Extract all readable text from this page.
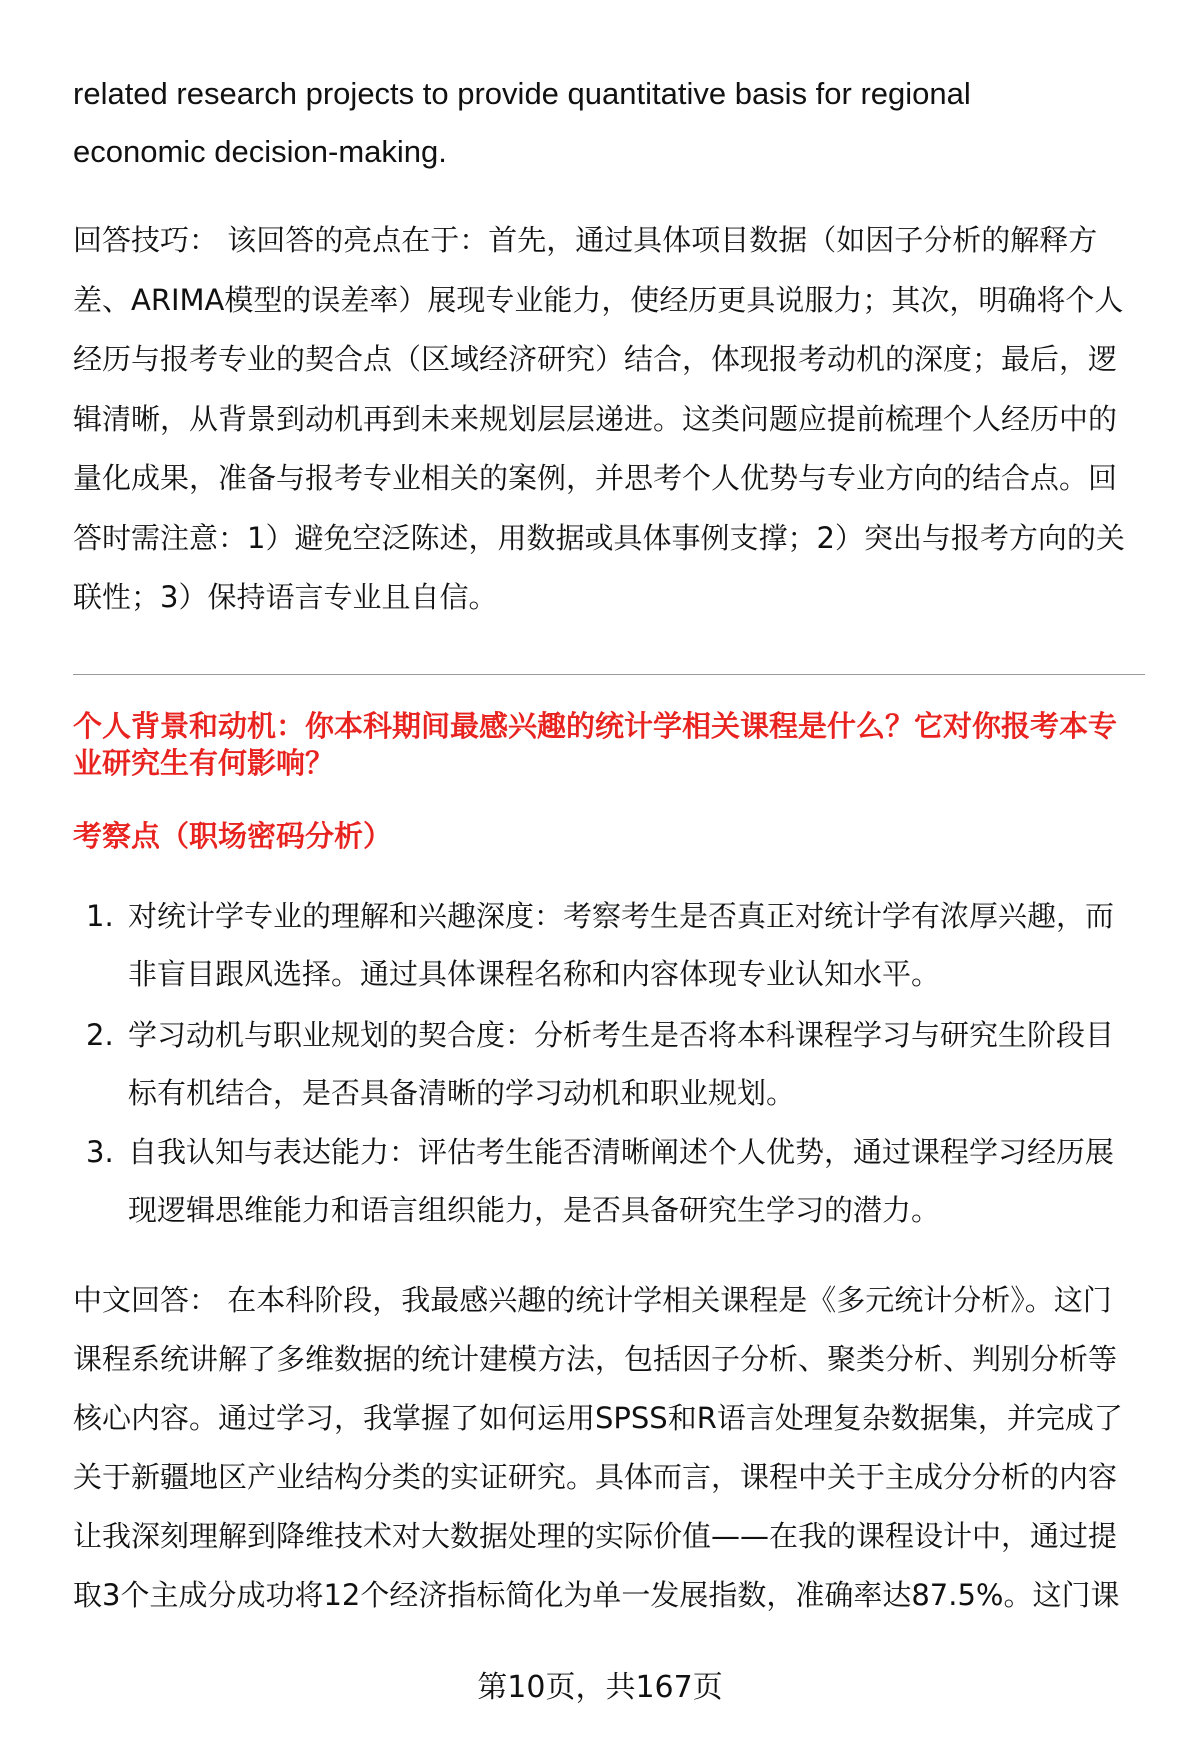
related research projects to provide quantitative basis for regional
economic decision-making.
回答技巧： 该回答的亮点在于：首先，通过具体项目数据（如因子分析的解释方
差、ARIMA模型的误差率）展现专业能力，使经历更具说服力；其次，明确将个人
经历与报考专业的契合点（区域经济研究）结合，体现报考动机的深度；最后，逻
辑清晰，从背景到动机再到未来规划层层递进。这类问题应提前梳理个人经历中的
量化成果，准备与报考专业相关的案例，并思考个人优势与专业方向的结合点。回
答时需注意：1）避免空泛陈述，用数据或具体事例支撑；2）突出与报考方向的关
联性；3）保持语言专业且自信。
个人背景和动机：你本科期间最感兴趣的统计学相关课程是什么？它对你报考本专
业研究生有何影响？
考察点（职场密码分析）
1. 对统计学专业的理解和兴趣深度：考察考生是否真正对统计学有浓厚兴趣，而
非盲目跟风选择。通过具体课程名称和内容体现专业认知水平。
2. 学习动机与职业规划的契合度：分析考生是否将本科课程学习与研究生阶段目
标有机结合，是否具备清晰的学习动机和职业规划。
3. 自我认知与表达能力：评估考生能否清晰阐述个人优势，通过课程学习经历展
现逻辑思维能力和语言组织能力，是否具备研究生学习的潜力。
中文回答： 在本科阶段，我最感兴趣的统计学相关课程是《多元统计分析》。这门
课程系统讲解了多维数据的统计建模方法，包括因子分析、聚类分析、判别分析等
核心内容。通过学习，我掌握了如何运用SPSS和R语言处理复杂数据集，并完成了
关于新疆地区产业结构分类的实证研究。具体而言，课程中关于主成分分析的内容
让我深刻理解到降维技术对大数据处理的实际价值——在我的课程设计中，通过提
取3个主成分成功将12个经济指标简化为单一发展指数，准确率达87.5%。这门课
第10页，共167页
